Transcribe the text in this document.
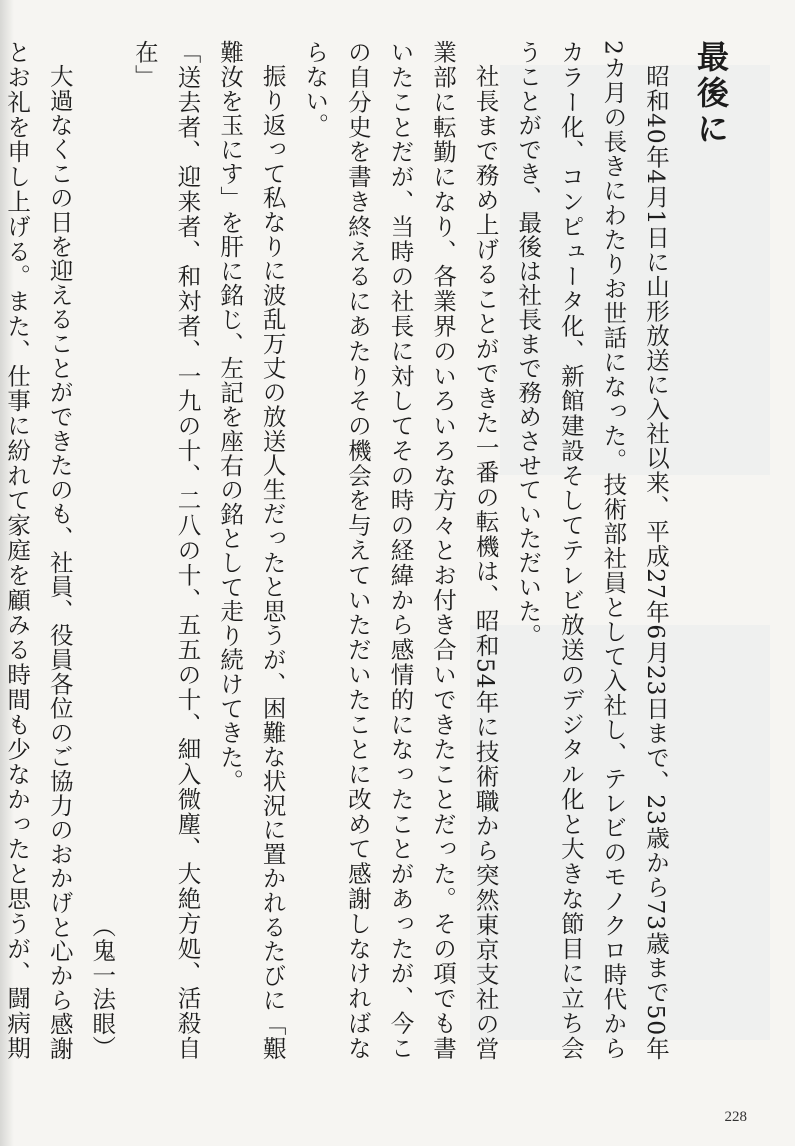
最後に

昭和40年4月1日に山形放送に入社以来、平成27年6月23日まで、23歳から73歳まで50年2カ月の長きにわたりお世話になった。技術部社員として入社し、テレビのモノクロ時代からカラー化、コンピュータ化、新館建設そしてテレビ放送のデジタル化と大きな節目に立ち会うことができ、最後は社長まで務めさせていただいた。

社長まで務め上げることができた一番の転機は、昭和54年に技術職から突然東京支社の営業部に転勤になり、各業界のいろいろな方々とお付き合いできたことだった。その項でも書いたことだが、当時の社長に対してその時の経緯から感情的になったことがあったが、今この自分史を書き終えるにあたりその機会を与えていただいたことに改めて感謝しなければならない。

振り返って私なりに波乱万丈の放送人生だったと思うが、困難な状況に置かれるたびに「艱難汝を玉にす」を肝に銘じ、左記を座右の銘として走り続けてきた。

「送去者、迎来者、和対者、一九の十、二八の十、五五の十、細入微塵、大絶方処、活殺自在」

（鬼一法眼）

大過なくこの日を迎えることができたのも、社員、役員各位のご協力のおかげと心から感謝とお礼を申し上げる。また、仕事に紛れて家庭を顧みる時間も少なかったと思うが、闘病期

228
